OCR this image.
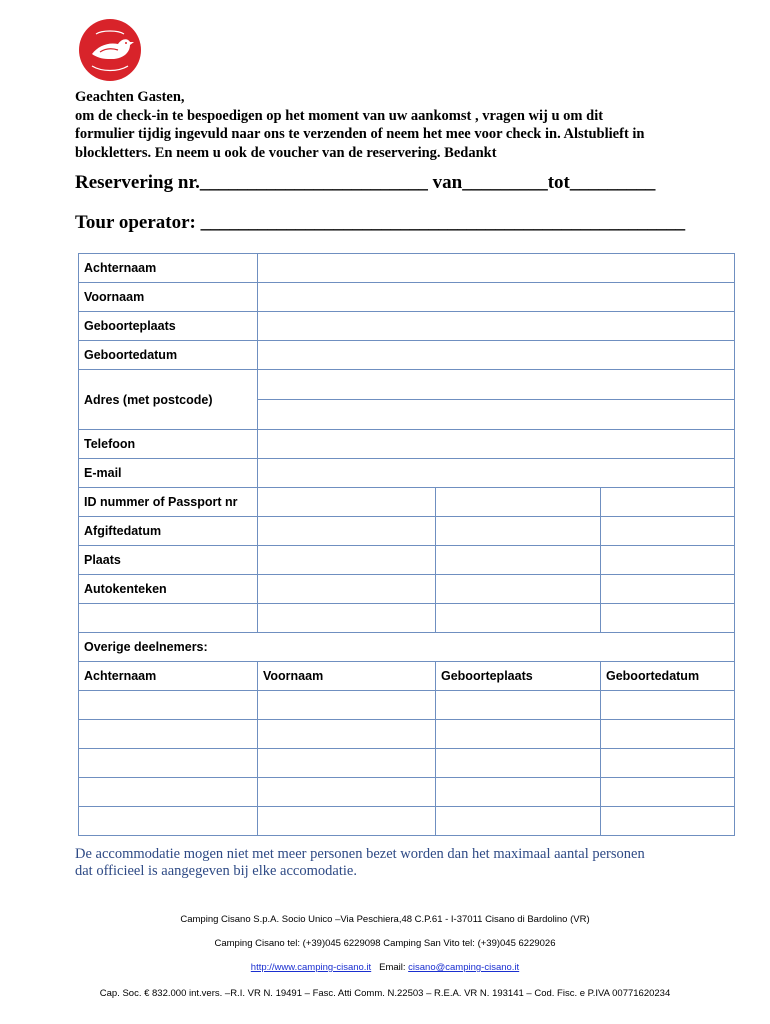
Geachten Gasten,
om de check-in te bespoedigen op het moment van uw aankomst , vragen wij u om dit
formulier tijdig ingevuld naar ons te verzenden of neem het mee voor check in. Alstublieft in
blockletters. En neem u ook de voucher van de reservering. Bedankt
Reservering nr.________________________ van_________tot_________
Tour operator: ___________________________________________________
Achternaam			
Voornaam			
Geboorteplaats			
Geboortedatum			
Adres (met postcode)			

Telefoon			
E-mail			
ID nummer of Passport nr			
Afgiftedatum			
Plaats			
Autokenteken			

Overige deelnemers:			
Achternaam	Voornaam	Geboorteplaats	Geboortedatum

De accommodatie mogen niet met meer personen bezet worden dan het maximaal aantal personen
dat officieel is aangegeven bij elke accomodatie.
Camping Cisano S.p.A. Socio Unico –Via Peschiera,48 C.P.61 - I-37011 Cisano di Bardolino (VR)
Camping Cisano tel: (+39)045 6229098 Camping San Vito tel: (+39)045 6229026
http://www.camping-cisano.it Email: cisano@camping-cisano.it
Cap. Soc. € 832.000 int.vers. –R.I. VR N. 19491 – Fasc. Atti Comm. N.22503 – R.E.A. VR N. 193141 – Cod. Fisc. e P.IVA 00771620234
